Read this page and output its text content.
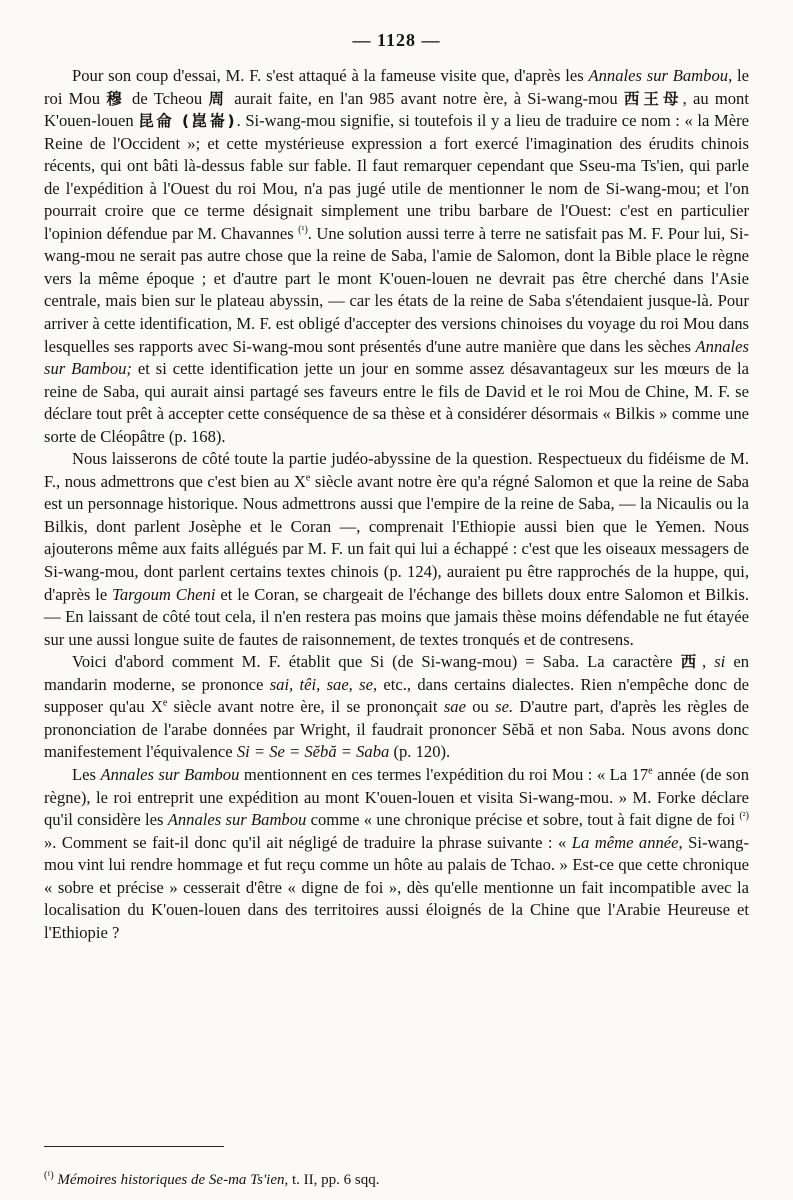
— 1128 —

Pour son coup d'essai, M. F. s'est attaqué à la fameuse visite que, d'après les Annales sur Bambou, le roi Mou 穆 de Tcheou 周 aurait faite, en l'an 985 avant notre ère, à Si-wang-mou 西王母, au mont K'ouen-louen 昆侖 (崑崙). Si-wang-mou signifie, si toutefois il y a lieu de traduire ce nom : « la Mère Reine de l'Occident »; et cette mystérieuse expression a fort exercé l'imagination des érudits chinois récents, qui ont bâti là-dessus fable sur fable. Il faut remarquer cependant que Sseu-ma Ts'ien, qui parle de l'expédition à l'Ouest du roi Mou, n'a pas jugé utile de mentionner le nom de Si-wang-mou; et l'on pourrait croire que ce terme désignait simplement une tribu barbare de l'Ouest: c'est en particulier l'opinion défendue par M. Chavannes $^{(^1)}$. Une solution aussi terre à terre ne satisfait pas M. F. Pour lui, Si-wang-mou ne serait pas autre chose que la reine de Saba, l'amie de Salomon, dont la Bible place le règne vers la même époque ; et d'autre part le mont K'ouen-louen ne devrait pas être cherché dans l'Asie centrale, mais bien sur le plateau abyssin, — car les états de la reine de Saba s'étendaient jusque-là. Pour arriver à cette identification, M. F. est obligé d'accepter des versions chinoises du voyage du roi Mou dans lesquelles ses rapports avec Si-wang-mou sont présentés d'une autre manière que dans les sèches Annales sur Bambou; et si cette identification jette un jour en somme assez désavantageux sur les mœurs de la reine de Saba, qui aurait ainsi partagé ses faveurs entre le fils de David et le roi Mou de Chine, M. F. se déclare tout prêt à accepter cette conséquence de sa thèse et à considérer désormais « Bilkis » comme une sorte de Cléopâtre (p. 168).

Nous laisserons de côté toute la partie judéo-abyssine de la question. Respectueux du fidéisme de M. F., nous admettrons que c'est bien au Xe siècle avant notre ère qu'a régné Salomon et que la reine de Saba est un personnage historique. Nous admettrons aussi que l'empire de la reine de Saba, — la Nicaulis ou la Bilkis, dont parlent Josèphe et le Coran —, comprenait l'Ethiopie aussi bien que le Yemen. Nous ajouterons même aux faits allégués par M. F. un fait qui lui a échappé : c'est que les oiseaux messagers de Si-wang-mou, dont parlent certains textes chinois (p. 124), auraient pu être rapprochés de la huppe, qui, d'après le Targoum Cheni et le Coran, se chargeait de l'échange des billets doux entre Salomon et Bilkis. — En laissant de côté tout cela, il n'en restera pas moins que jamais thèse moins défendable ne fut étayée sur une aussi longue suite de fautes de raisonnement, de textes tronqués et de contresens.

Voici d'abord comment M. F. établit que Si (de Si-wang-mou) = Saba. La caractère 西, si en mandarin moderne, se prononce sai, têi, sae, se, etc., dans certains dialectes. Rien n'empêche donc de supposer qu'au Xe siècle avant notre ère, il se prononçait sae ou se. D'autre part, d'après les règles de prononciation de l'arabe données par Wright, il faudrait prononcer Sĕbă et non Saba. Nous avons donc manifestement l'équivalence Si = Se = Sĕbă = Saba (p. 120).

Les Annales sur Bambou mentionnent en ces termes l'expédition du roi Mou : « La 17e année (de son règne), le roi entreprit une expédition au mont K'ouen-louen et visita Si-wang-mou. » M. Forke déclare qu'il considère les Annales sur Bambou comme « une chronique précise et sobre, tout à fait digne de foi $^{(^2)}$ ». Comment se fait-il donc qu'il ait négligé de traduire la phrase suivante : « La même année, Si-wang-mou vint lui rendre hommage et fut reçu comme un hôte au palais de Tchao. » Est-ce que cette chronique « sobre et précise » cesserait d'être « digne de foi », dès qu'elle mentionne un fait incompatible avec la localisation du K'ouen-louen dans des territoires aussi éloignés de la Chine que l'Arabie Heureuse et l'Ethiopie ?

$^{(^1)}$ Mémoires historiques de Se-ma Ts'ien, t. II, pp. 6 sqq.
